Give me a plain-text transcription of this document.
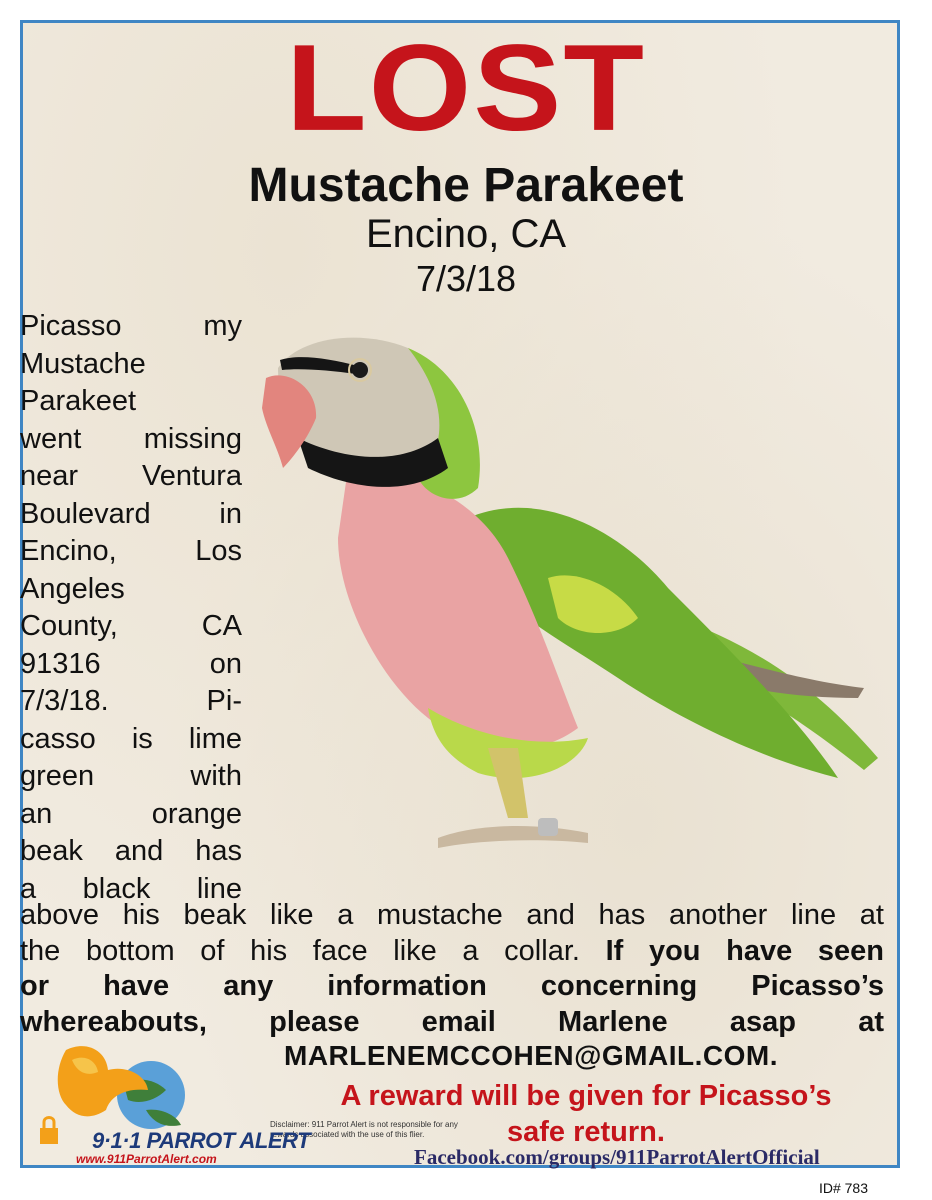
LOST
Mustache Parakeet
Encino, CA
7/3/18
Picasso my
Mustache
Parakeet
went missing
near Ventura
Boulevard in
Encino, Los
Angeles
County, CA
91316 on
7/3/18. Pi-
casso is lime
green with
an orange
beak and has
a black line
above his beak like a mustache and has another line at
the bottom of his face like a collar. If you have seen
or have any information concerning Picasso’s
whereabouts, please email Marlene asap at
MARLENEMCCOHEN@GMAIL.COM.
A reward will be given for Picasso’s
safe return.
Disclaimer: 911 Parrot Alert is not responsible for any rewards associated with the use of this flier.
Facebook.com/groups/911ParrotAlertOfficial
ID# 783
9·1·1 PARROT ALERT
www.911ParrotAlert.com
